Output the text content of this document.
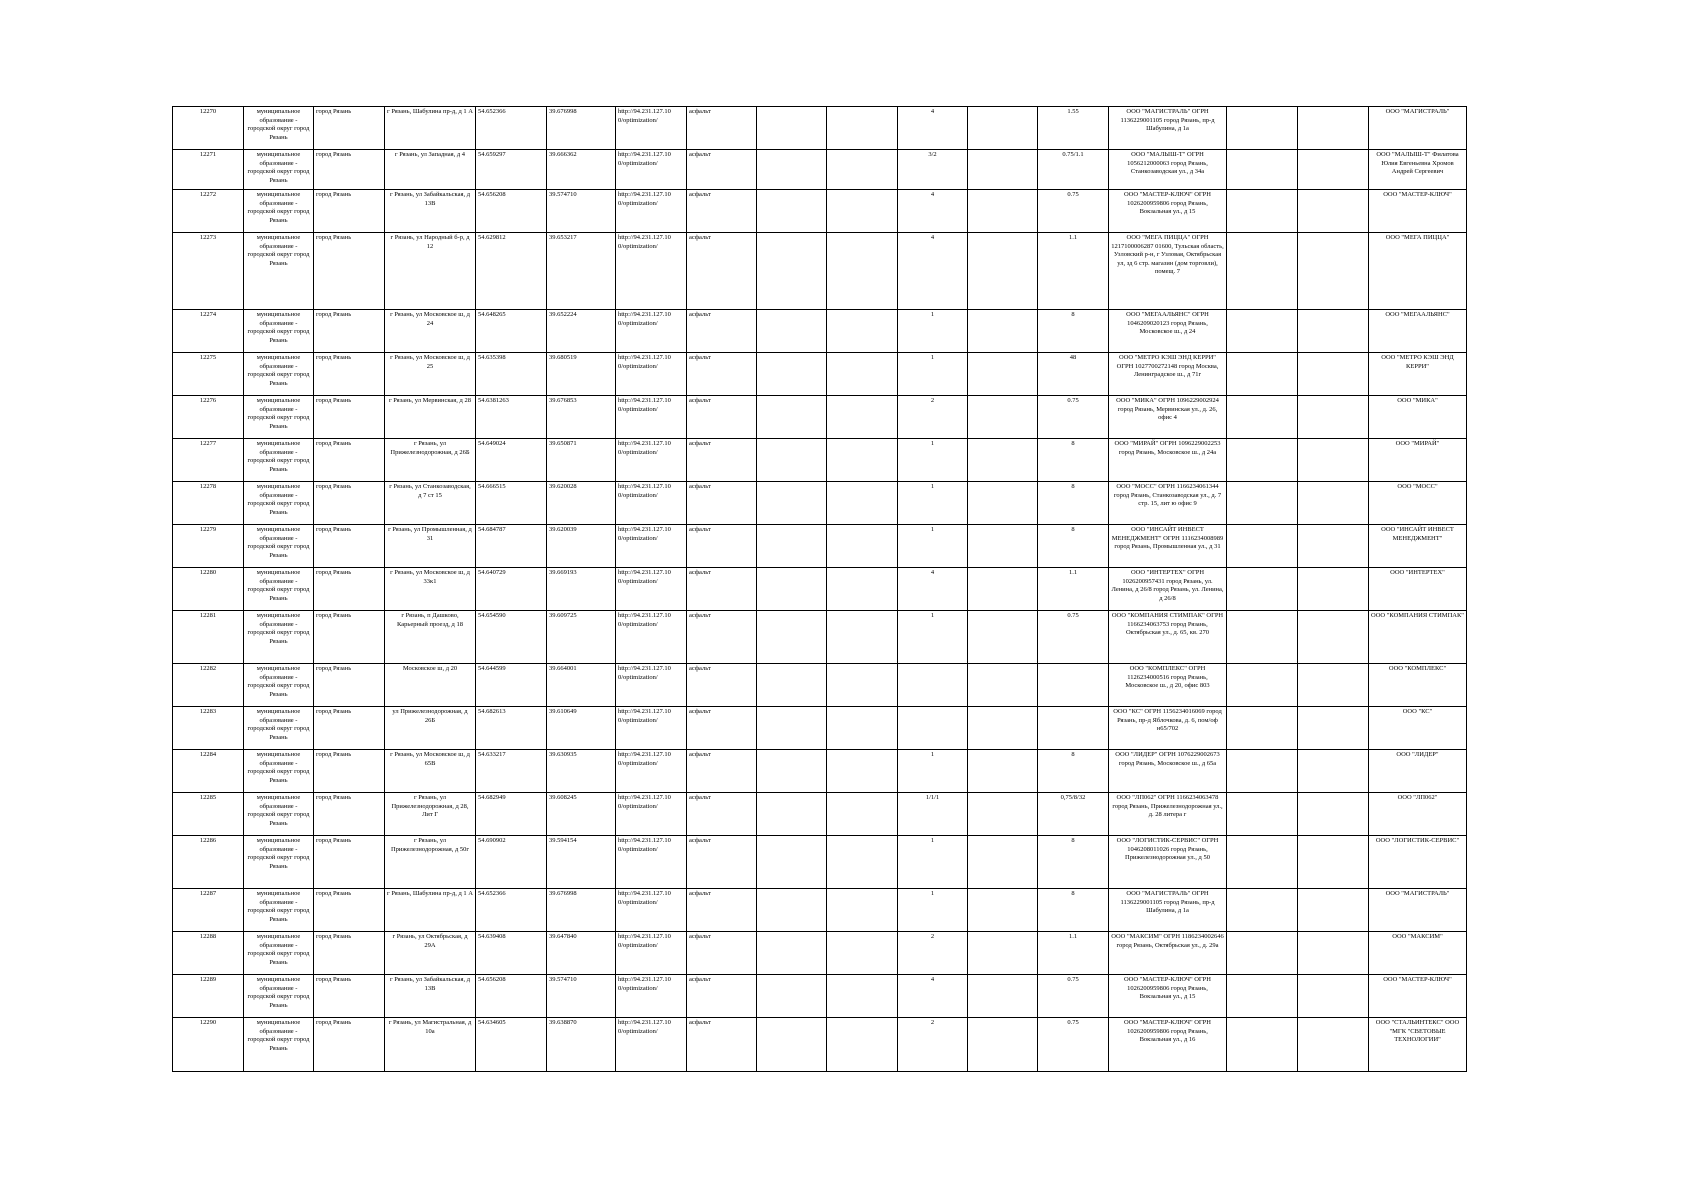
12270	муниципальное образование - городской округ город Рязань	город Рязань	г Рязань, Шабулина пр-д, д 1 А	54.652366	39.676998	http://94.231.127.10 0/optimization/	асфальт			4		1.55	ООО "МАГИСТРАЛЬ" ОГРН 1136229001105 город Рязань, пр-д Шабулина, д 1а			ООО "МАГИСТРАЛЬ"
12271	муниципальное образование - городской округ город Рязань	город Рязань	г Рязань, ул Западная, д 4	54.659297	39.666362	http://94.231.127.10 0/optimization/	асфальт			3/2		0.75/1.1	ООО "МАЛЫШ-Т" ОГРН 1056212000063 город Рязань, Станкозаводская ул., д 34а			ООО "МАЛЫШ-Т" Филатова Юлия Евгеньевна Хромов Андрей Сергеевич
12272	муниципальное образование - городской округ город Рязань	город Рязань	г Рязань, ул Забайкальская, д 13В	54.656208	39.574710	http://94.231.127.10 0/optimization/	асфальт			4		0.75	ООО "МАСТЕР-КЛЮЧ" ОГРН 1026200959806 город Рязань, Вокзальная ул., д 15			ООО "МАСТЕР-КЛЮЧ"
12273	муниципальное образование - городской округ город Рязань	город Рязань	г Рязань, ул Народный б-р, д 12	54.629812	39.653217	http://94.231.127.10 0/optimization/	асфальт			4		1.1	ООО "МЕГА ПИЦЦА" ОГРН 1217100006287 01600, Тульская область, Узловский р-н, г Узловая, Октябрьская ул, зд 6 стр. магазин (дом торговли), помещ. 7			ООО "МЕГА ПИЦЦА"
12274	муниципальное образование - городской округ город Рязань	город Рязань	г Рязань, ул Московское ш, д 24	54.648265	39.652224	http://94.231.127.10 0/optimization/	асфальт			1		8	ООО "МЕГААЛЬЯНС" ОГРН 1046209020123 город Рязань, Московское ш., д 24			ООО "МЕГААЛЬЯНС"
12275	муниципальное образование - городской округ город Рязань	город Рязань	г Рязань, ул Московское ш, д 25	54.635398	39.680519	http://94.231.127.10 0/optimization/	асфальт			1		48	ООО "МЕТРО КЭШ ЭНД КЕРРИ" ОГРН 1027700272148 город Москва, Ленинградское ш., д 71г			ООО "МЕТРО КЭШ ЭНД КЕРРИ"
12276	муниципальное образование - городской округ город Рязань	город Рязань	г Рязань, ул Мервинская, д 28	54.6381263	39.676853	http://94.231.127.10 0/optimization/	асфальт			2		0.75	ООО "МИКА" ОГРН 1096229002924 город Рязань, Мервинская ул., д. 26, офис 4			ООО "МИКА"
12277	муниципальное образование - городской округ город Рязань	город Рязань	г Рязань, ул Прижелезнодорожная, д 26Б	54.649024	39.650871	http://94.231.127.10 0/optimization/	асфальт			1		8	ООО "МИРАЙ" ОГРН 1096229002253 город Рязань, Московское ш., д 24а			ООО "МИРАЙ"
12278	муниципальное образование - городской округ город Рязань	город Рязань	г Рязань, ул Станкозаводская, д 7 ст 15	54.666515	39.620028	http://94.231.127.10 0/optimization/	асфальт			1		8	ООО "МОСС" ОГРН 1166234061344 город Рязань, Станкозаводская ул., д. 7 стр. 15, лит ю офис 9			ООО "МОСС"
12279	муниципальное образование - городской округ город Рязань	город Рязань	г Рязань, ул Промышленная, д 31	54.684787	39.620039	http://94.231.127.10 0/optimization/	асфальт			1		8	ООО "ИНСАЙТ ИНВЕСТ МЕНЕДЖМЕНТ" ОГРН 1116234008989 город Рязань, Промышленная ул., д 31			ООО "ИНСАЙТ ИНВЕСТ МЕНЕДЖМЕНТ"
12280	муниципальное образование - городской округ город Рязань	город Рязань	г Рязань, ул Московское ш, д 33к1	54.640729	39.669193	http://94.231.127.10 0/optimization/	асфальт			4		1.1	ООО "ИНТЕРТЕХ" ОГРН 1026200957431 город Рязань, ул. Ленина, д 26/8 город Рязань, ул. Ленина, д 26/8			ООО "ИНТЕРТЕХ"
12281	муниципальное образование - городской округ город Рязань	город Рязань	г Рязань, п Дашково, Карьерный проезд, д 18	54.654590	39.609725	http://94.231.127.10 0/optimization/	асфальт			1		0.75	ООО "КОМПАНИЯ СТИМПАК" ОГРН 1166234063753 город Рязань, Октябрьская ул., д. 65, кв. 270			ООО "КОМПАНИЯ СТИМПАК"
12282	муниципальное образование - городской округ город Рязань	город Рязань	Московское ш, д 20	54.644599	39.664001	http://94.231.127.10 0/optimization/	асфальт						ООО "КОМПЛЕКС" ОГРН 1126234000516 город Рязань, Московское ш., д 20, офис 803			ООО "КОМПЛЕКС"
12283	муниципальное образование - городской округ город Рязань	город Рязань	ул Прижелезнодорожная, д 26Б	54.682613	39.610649	http://94.231.127.10 0/optimization/	асфальт						ООО "КС" ОГРН 1156234016069 город Рязань, пр-д Яблочкова, д. 6, пом/оф н65/702			ООО "КС"
12284	муниципальное образование - городской округ город Рязань	город Рязань	г Рязань, ул Московское ш, д 65В	54.633217	39.630935	http://94.231.127.10 0/optimization/	асфальт			1		8	ООО "ЛИДЕР" ОГРН 1076229002673 город Рязань, Московское ш., д 65а			ООО "ЛИДЕР"
12285	муниципальное образование - городской округ город Рязань	город Рязань	г Рязань, ул Прижелезнодорожная, д 28, Лит Г	54.682949	39.608245	http://94.231.127.10 0/optimization/	асфальт			1/1/1		0,75/8/32	ООО "ЛП062" ОГРН 1166234063478 город Рязань, Прижелезнодорожная ул., д. 28 литера г			ООО "ЛП062"
12286	муниципальное образование - городской округ город Рязань	город Рязань	г Рязань, ул Прижелезнодорожная, д 50г	54.690902	39.594154	http://94.231.127.10 0/optimization/	асфальт			1		8	ООО "ЛОГИСТИК-СЕРВИС" ОГРН 1046208011026 город Рязань, Прижелезнодорожная ул., д 50			ООО "ЛОГИСТИК-СЕРВИС"
12287	муниципальное образование - городской округ город Рязань	город Рязань	г Рязань, Шабулина пр-д, д 1 А	54.652366	39.676998	http://94.231.127.10 0/optimization/	асфальт			1		8	ООО "МАГИСТРАЛЬ" ОГРН 1136229001105 город Рязань, пр-д Шабулина, д 1а			ООО "МАГИСТРАЛЬ"
12288	муниципальное образование - городской округ город Рязань	город Рязань	г Рязань, ул Октябрьская, д 29А	54.639408	39.647840	http://94.231.127.10 0/optimization/	асфальт			2		1.1	ООО "МАКСИМ" ОГРН 1186234002646 город Рязань, Октябрьская ул., д. 29а			ООО "МАКСИМ"
12289	муниципальное образование - городской округ город Рязань	город Рязань	г Рязань, ул Забайкальская, д 13В	54.656208	39.574710	http://94.231.127.10 0/optimization/	асфальт			4		0.75	ООО "МАСТЕР-КЛЮЧ" ОГРН 1026200959806 город Рязань, Вокзальная ул., д 15			ООО "МАСТЕР-КЛЮЧ"
12290	муниципальное образование - городской округ город Рязань	город Рязань	г Рязань, ул Магистральная, д 10а	54.634605	39.638870	http://94.231.127.10 0/optimization/	асфальт			2		0.75	ООО "МАСТЕР-КЛЮЧ" ОГРН 1026200959806 город Рязань, Вокзальная ул., д 16			ООО "СТАЛЬИНТЕКС" ООО "МГК "СВЕТОВЫЕ ТЕХНОЛОГИИ"
